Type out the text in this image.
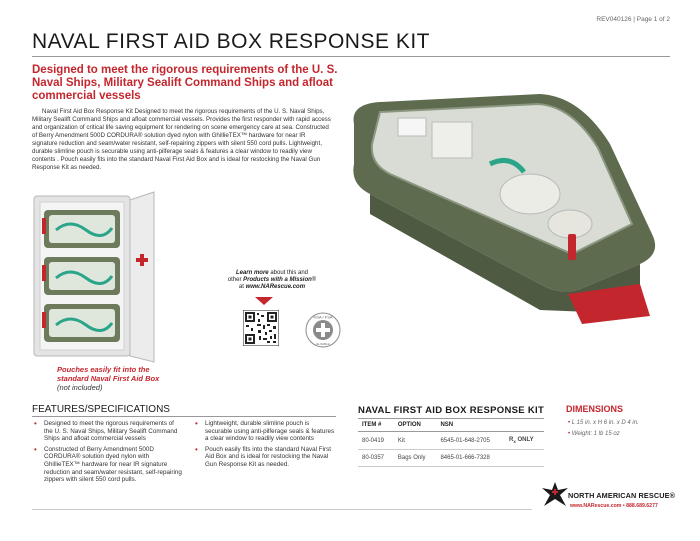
REV040126 | Page 1 of 2
NAVAL FIRST AID BOX RESPONSE KIT
Designed to meet the rigorous requirements of the U. S. Naval Ships, Military Sealift Command Ships and afloat commercial vessels

Naval First Aid Box Response Kit Designed to meet the rigorous requirements of the U. S. Naval Ships, Military Sealift Command Ships and afloat commercial vessels. Provides the first responder with rapid access and organization of critical life saving equipment for rendering on scene emergency care at sea. Constructed of Berry Amendment 500D CORDURA® solution dyed nylon with GhillieTEX™ hardware for near IR signature reduction and seam/water resistant, self-repairing zippers with silent 550 cord pulls. Lightweight, durable slimline pouch is securable using anti-pilferage seals & features a clear window to readily view contents . Pouch easily fits into the standard Naval First Aid Box and is ideal for restocking the Naval Gun Response Kit as needed.

Pouches easily fit into the standard Naval First Aid Box (not included)
Learn more about this and
other Products with a Mission®
at www.NARescue.com
HSA / FSA
ELIGIBLE
FEATURES/SPECIFICATIONS
• Designed to meet the rigorous requirements of the U. S. Naval Ships, Military Sealift Command Ships and afloat commercial vessels
• Constructed of Berry Amendment 500D CORDURA® solution dyed nylon with GhillieTEX™ hardware for near IR signature reduction and seam/water resistant, self-repairing zippers with silent 550 cord pulls.
• Lightweight, durable slimline pouch is securable using anti-pilferage seals & features a clear window to readily view contents
• Pouch easily fits into the standard Naval First Aid Box and is ideal for restocking the Naval Gun Response Kit as needed.
NAVAL FIRST AID BOX RESPONSE KIT
ITEM #	OPTION	NSN	
80-0419	Kit	6545-01-648-2705	$R_x$ ONLY
80-0357	Bags Only	8465-01-666-7328	
DIMENSIONS
• L 15 in. x H 6 in. x D 4 in.
• Weight: 1 lb 15 oz
NORTH AMERICAN RESCUE®
www.NARescue.com • 888.689.6277
